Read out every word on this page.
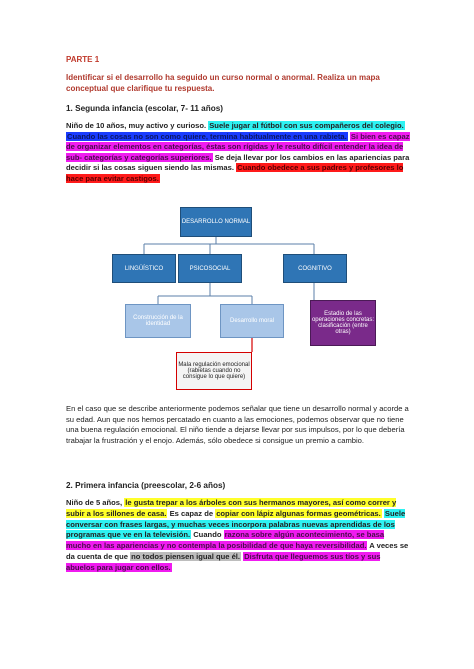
PARTE 1
Identificar si el desarrollo ha seguido un curso normal o anormal. Realiza un mapa conceptual que clarifique tu respuesta.
1. Segunda infancia (escolar, 7- 11 años)
Niño de 10 años, muy activo y curioso. Suele jugar al fútbol con sus compañeros del colegio. Cuando las cosas no son como quiere, termina habitualmente en una rabieta. Si bien es capaz de organizar elementos en categorías, éstas son rígidas y le resulto difícil entender la idea de sub- categorías y categorías superiores. Se deja llevar por los cambios en las apariencias para decidir si las cosas siguen siendo las mismas. Cuando obedece a sus padres y profesores lo hace para evitar castigos.
DESARROLLO NORMAL
LINGÜÍSTICO	PSICOSOCIAL	COGNITIVO
Construcción de la identidad	Desarrollo moral
Estadio de las operaciones concretas: clasificación (entre otras)
Mala regulación emocional (rabietas cuando no consigue lo que quiere)
En el caso que se describe anteriormente podemos señalar que tiene un desarrollo normal y acorde a su edad. Aun que nos hemos percatado en cuanto a las emociones, podemos observar que no tiene una buena regulación emocional. El niño tiende a dejarse llevar por sus impulsos, por lo que debería trabajar la frustración y el enojo. Además, sólo obedece si consigue un premio a cambio.
2. Primera infancia (preescolar, 2-6 años)
Niño de 5 años, le gusta trepar a los árboles con sus hermanos mayores, así como correr y subir a los sillones de casa. Es capaz de copiar con lápiz algunas formas geométricas. Suele conversar con frases largas, y muchas veces incorpora palabras nuevas aprendidas de los programas que ve en la televisión. Cuando razona sobre algún acontecimiento, se basa mucho en las apariencias y no contempla la posibilidad de que haya reversibilidad. A veces se da cuenta de que no todos piensen igual que él. Disfruta que lleguemos sus tíos y sus abuelos para jugar con ellos.
